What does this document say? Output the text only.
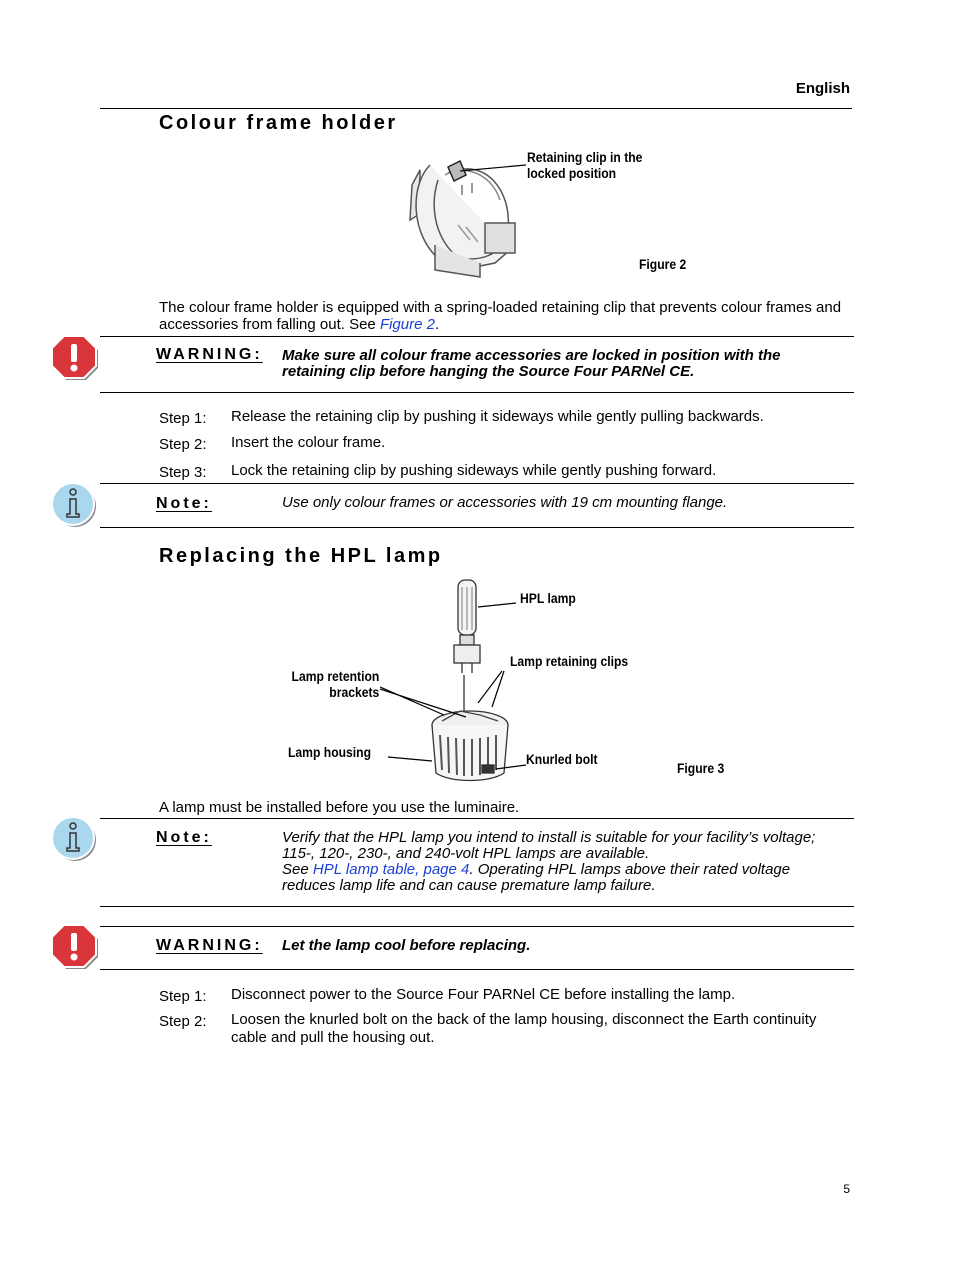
English
Colour frame holder
Retaining clip in the
locked position
Figure 2
The colour frame holder is equipped with a spring-loaded retaining clip that prevents colour frames and accessories from falling out. See Figure 2.
WARNING: Make sure all colour frame accessories are locked in position with the retaining clip before hanging the Source Four PARNel CE.
Step 1: Release the retaining clip by pushing it sideways while gently pulling backwards.
Step 2: Insert the colour frame.
Step 3: Lock the retaining clip by pushing sideways while gently pushing forward.
Note:	Use only colour frames or accessories with 19 cm mounting flange.
Replacing the HPL lamp
HPL lamp
Lamp retaining clips
Lamp retention
brackets
Lamp housing	Knurled bolt
Figure 3
A lamp must be installed before you use the luminaire.
Note:	Verify that the HPL lamp you intend to install is suitable for your facility’s voltage;
115-, 120-, 230-, and 240-volt HPL lamps are available.
See HPL lamp table, page 4. Operating HPL lamps above their rated voltage
reduces lamp life and can cause premature lamp failure.
WARNING: Let the lamp cool before replacing.
Step 1: Disconnect power to the Source Four PARNel CE before installing the lamp.
Step 2: Loosen the knurled bolt on the back of the lamp housing, disconnect the Earth continuity cable and pull the housing out.
5
